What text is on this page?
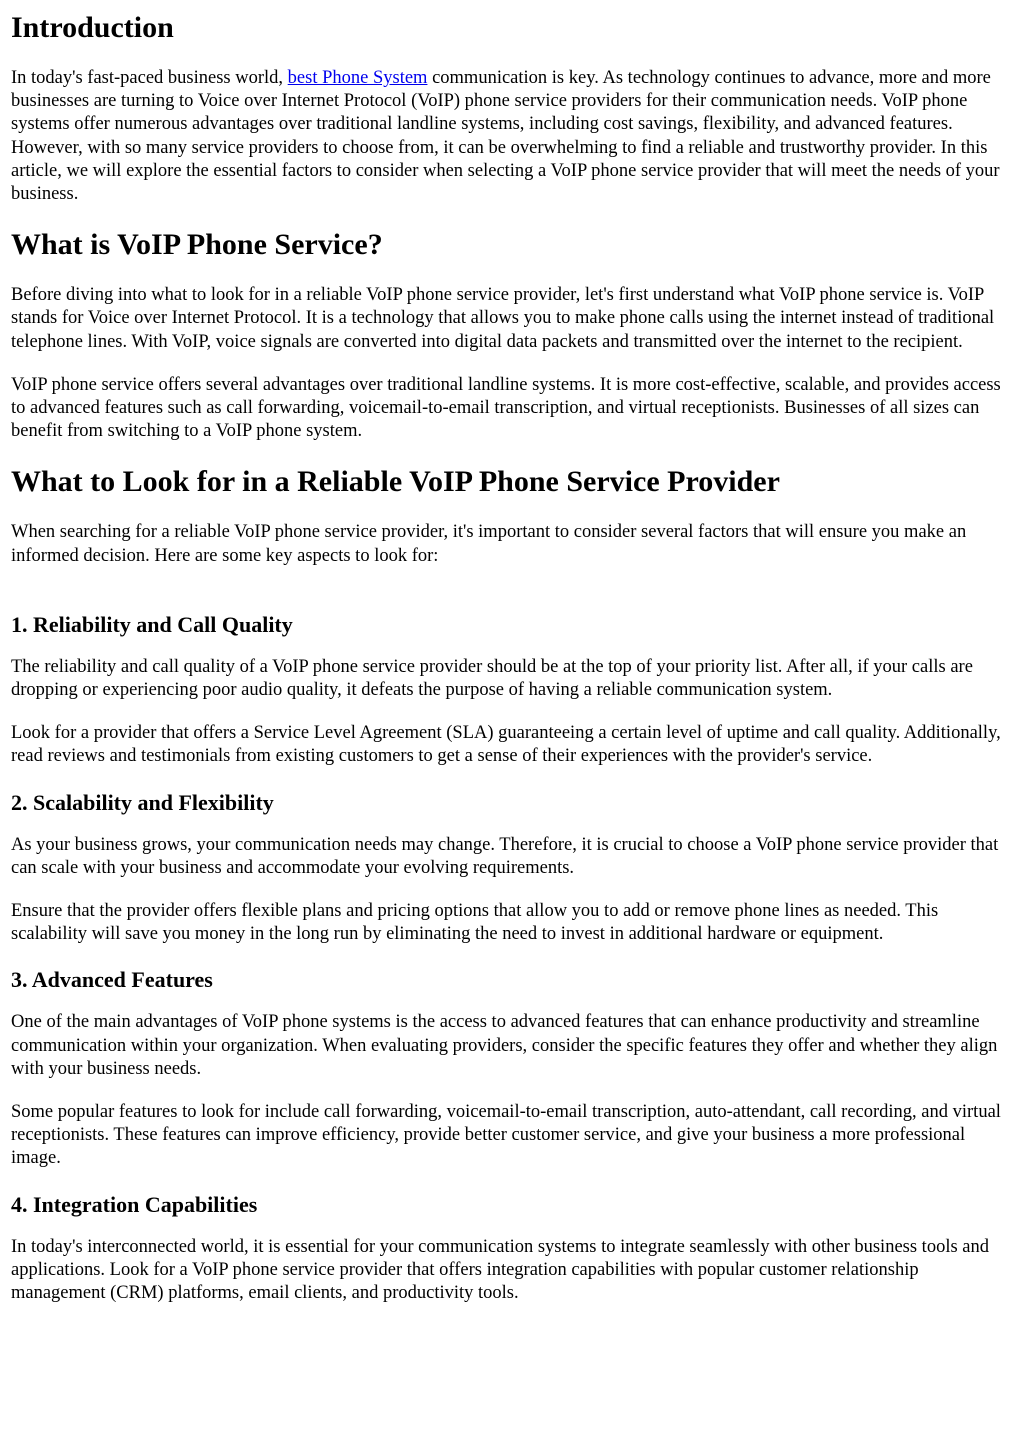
Introduction

In today's fast-paced business world, best Phone System communication is key. As technology continues to advance, more and more businesses are turning to Voice over Internet Protocol (VoIP) phone service providers for their communication needs. VoIP phone systems offer numerous advantages over traditional landline systems, including cost savings, flexibility, and advanced features. However, with so many service providers to choose from, it can be overwhelming to find a reliable and trustworthy provider. In this article, we will explore the essential factors to consider when selecting a VoIP phone service provider that will meet the needs of your business.

What is VoIP Phone Service?

Before diving into what to look for in a reliable VoIP phone service provider, let's first understand what VoIP phone service is. VoIP stands for Voice over Internet Protocol. It is a technology that allows you to make phone calls using the internet instead of traditional telephone lines. With VoIP, voice signals are converted into digital data packets and transmitted over the internet to the recipient.

VoIP phone service offers several advantages over traditional landline systems. It is more cost-effective, scalable, and provides access to advanced features such as call forwarding, voicemail-to-email transcription, and virtual receptionists. Businesses of all sizes can benefit from switching to a VoIP phone system.

What to Look for in a Reliable VoIP Phone Service Provider

When searching for a reliable VoIP phone service provider, it's important to consider several factors that will ensure you make an informed decision. Here are some key aspects to look for:

1. Reliability and Call Quality

The reliability and call quality of a VoIP phone service provider should be at the top of your priority list. After all, if your calls are dropping or experiencing poor audio quality, it defeats the purpose of having a reliable communication system.

Look for a provider that offers a Service Level Agreement (SLA) guaranteeing a certain level of uptime and call quality. Additionally, read reviews and testimonials from existing customers to get a sense of their experiences with the provider's service.

2. Scalability and Flexibility

As your business grows, your communication needs may change. Therefore, it is crucial to choose a VoIP phone service provider that can scale with your business and accommodate your evolving requirements.

Ensure that the provider offers flexible plans and pricing options that allow you to add or remove phone lines as needed. This scalability will save you money in the long run by eliminating the need to invest in additional hardware or equipment.

3. Advanced Features

One of the main advantages of VoIP phone systems is the access to advanced features that can enhance productivity and streamline communication within your organization. When evaluating providers, consider the specific features they offer and whether they align with your business needs.

Some popular features to look for include call forwarding, voicemail-to-email transcription, auto-attendant, call recording, and virtual receptionists. These features can improve efficiency, provide better customer service, and give your business a more professional image.

4. Integration Capabilities

In today's interconnected world, it is essential for your communication systems to integrate seamlessly with other business tools and applications. Look for a VoIP phone service provider that offers integration capabilities with popular customer relationship management (CRM) platforms, email clients, and productivity tools.
